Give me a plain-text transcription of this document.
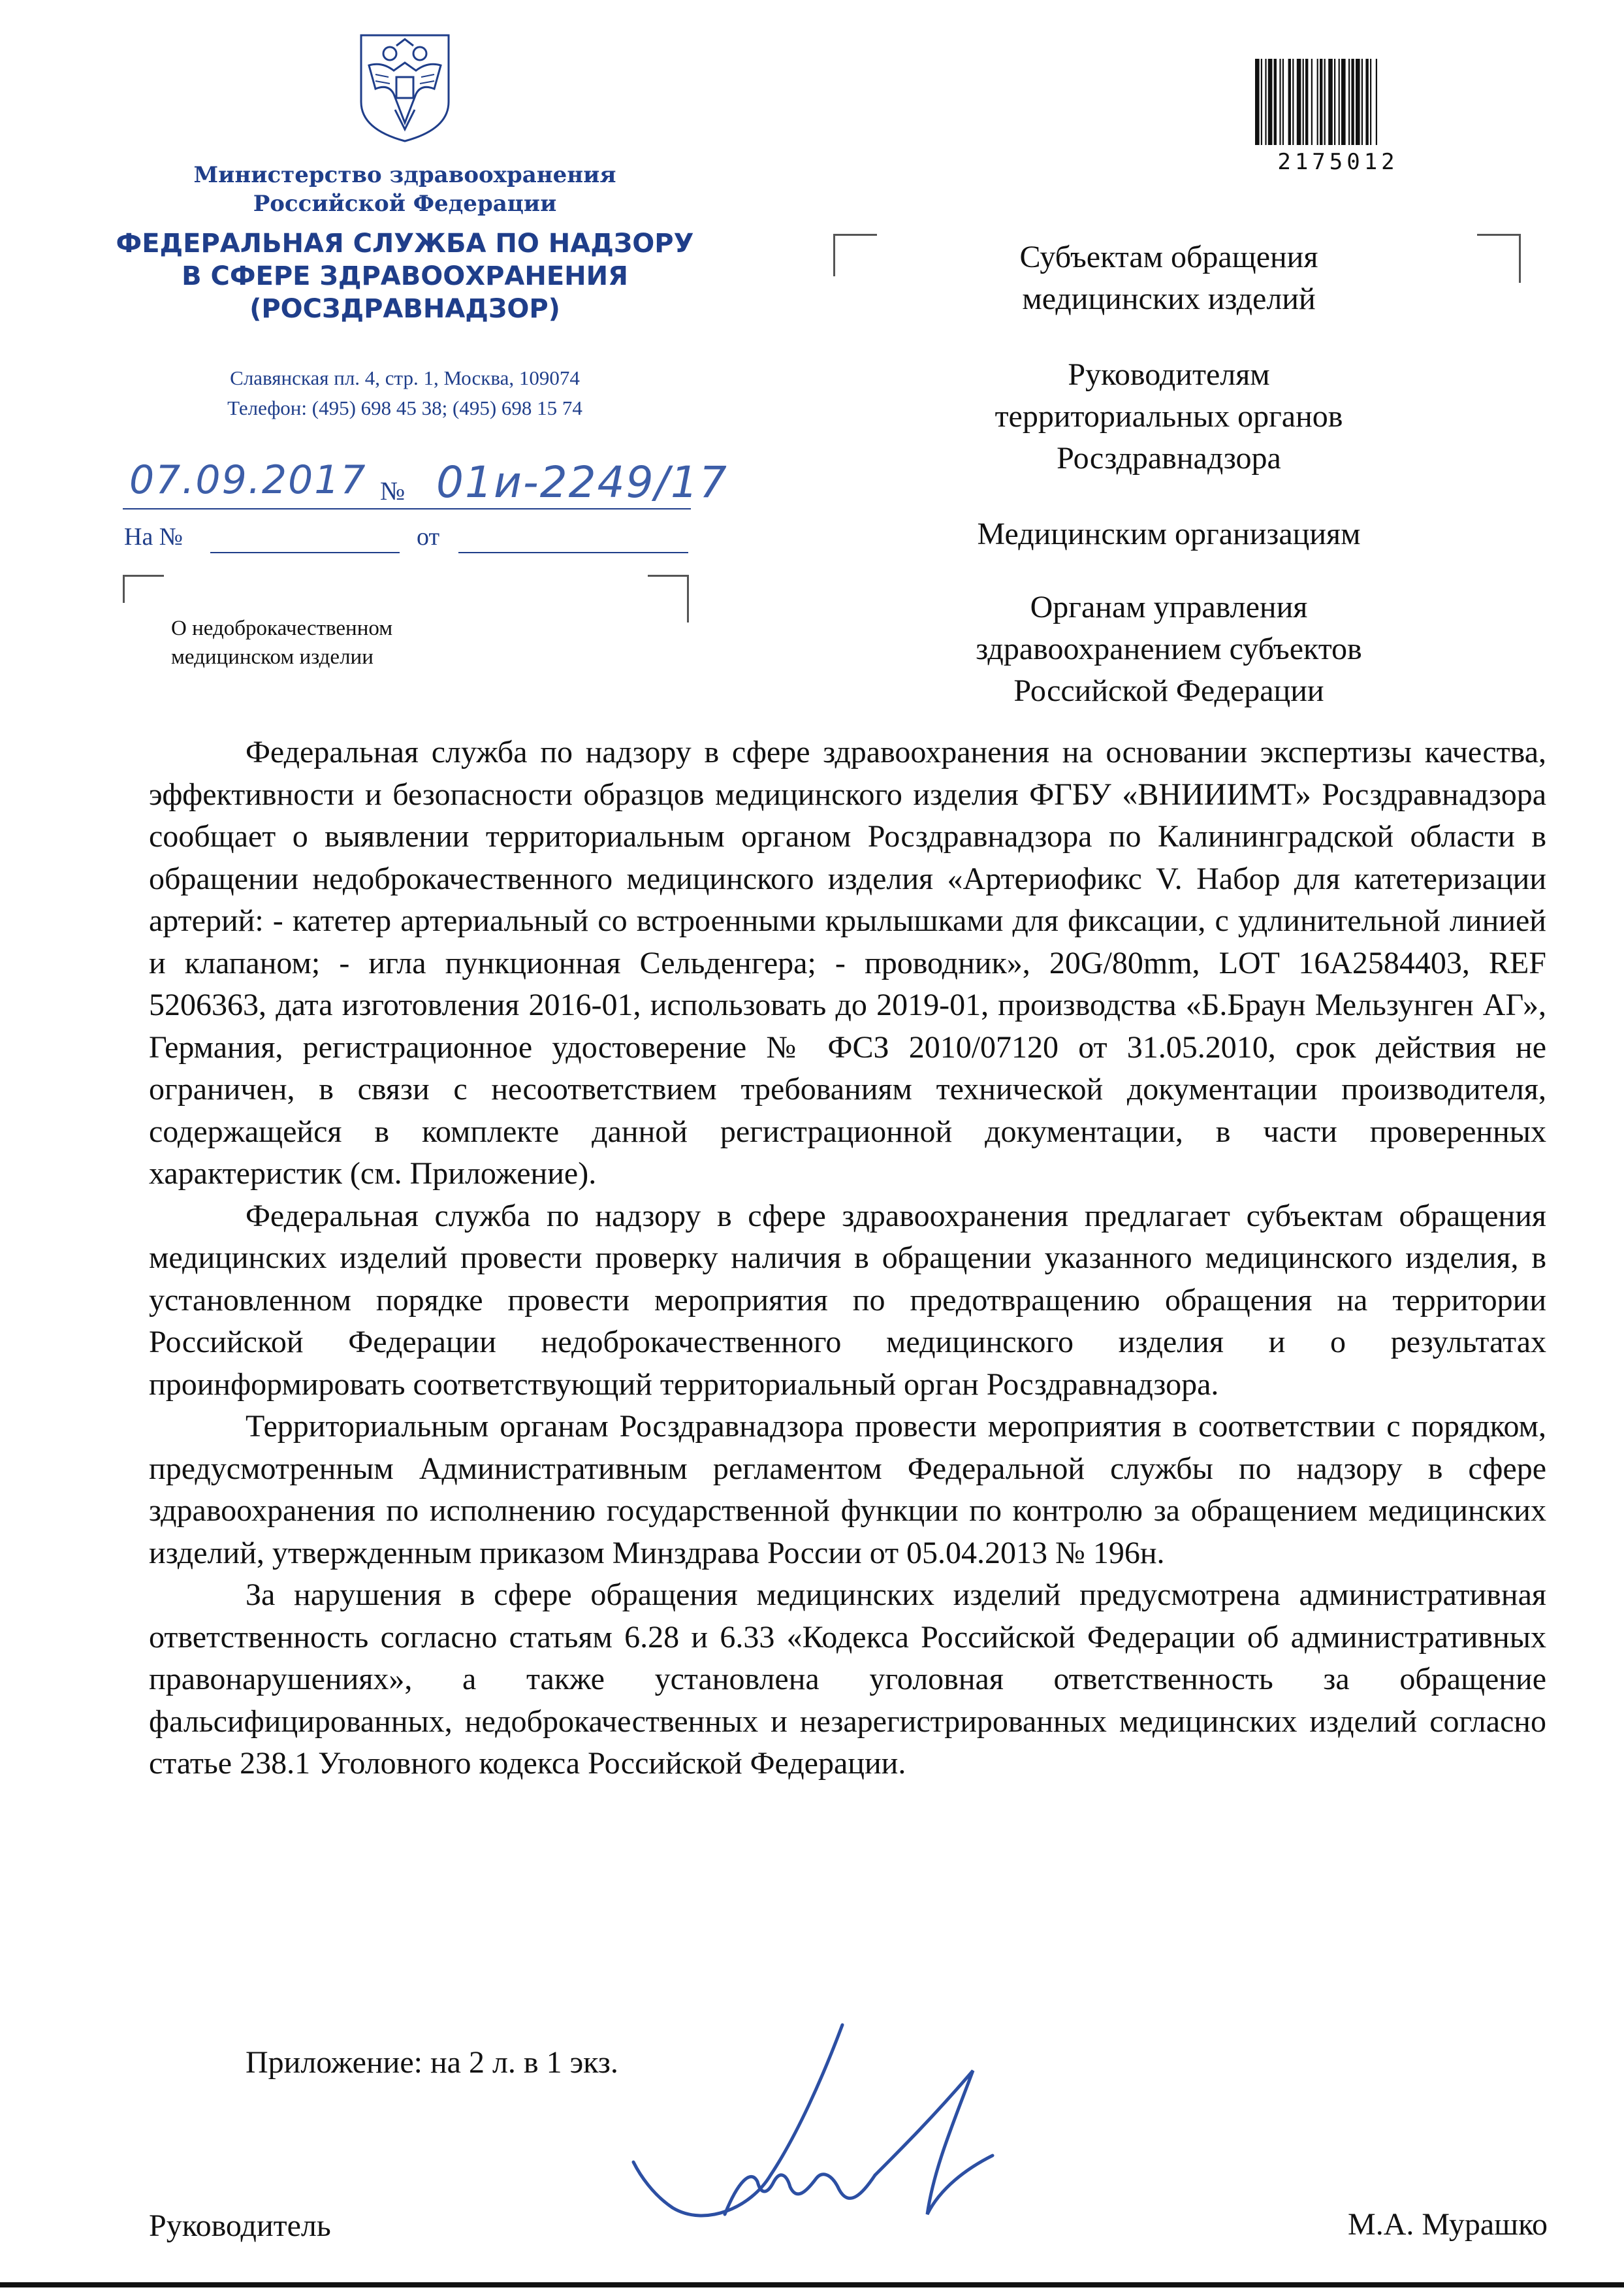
Министерство здравоохранения
Российской Федерации
ФЕДЕРАЛЬНАЯ СЛУЖБА ПО НАДЗОРУ
В СФЕРЕ ЗДРАВООХРАНЕНИЯ
(РОСЗДРАВНАДЗОР)
Славянская пл. 4, стр. 1, Москва, 109074
Телефон: (495) 698 45 38; (495) 698 15 74
07.09.2017 № 01и-2249/17
На №	от
О недоброкачественном
медицинском изделии
2175012
Субъектам обращения
медицинских изделий
Руководителям
территориальных органов
Росздравнадзора
Медицинским организациям
Органам управления
здравоохранением субъектов
Российской Федерации

Федеральная служба по надзору в сфере здравоохранения на основании экспертизы качества, эффективности и безопасности образцов медицинского изделия ФГБУ «ВНИИИМТ» Росздравнадзора сообщает о выявлении территориальным органом Росздравнадзора по Калининградской области в обращении недоброкачественного медицинского изделия «Артериофикс V. Набор для катетеризации артерий: - катетер артериальный со встроенными крылышками для фиксации, с удлинительной линией и клапаном; - игла пункционная Сельденгера; - проводник», 20G/80mm, LOT 16A2584403, REF 5206363, дата изготовления 2016-01, использовать до 2019-01, производства «Б.Браун Мельзунген АГ», Германия, регистрационное удостоверение № ФСЗ 2010/07120 от 31.05.2010, срок действия не ограничен, в связи с несоответствием требованиям технической документации производителя, содержащейся в комплекте данной регистрационной документации, в части проверенных характеристик (см. Приложение).

Федеральная служба по надзору в сфере здравоохранения предлагает субъектам обращения медицинских изделий провести проверку наличия в обращении указанного медицинского изделия, в установленном порядке провести мероприятия по предотвращению обращения на территории Российской Федерации недоброкачественного медицинского изделия и о результатах проинформировать соответствующий территориальный орган Росздравнадзора.

Территориальным органам Росздравнадзора провести мероприятия в соответствии с порядком, предусмотренным Административным регламентом Федеральной службы по надзору в сфере здравоохранения по исполнению государственной функции по контролю за обращением медицинских изделий, утвержденным приказом Минздрава России от 05.04.2013 № 196н.

За нарушения в сфере обращения медицинских изделий предусмотрена административная ответственность согласно статьям 6.28 и 6.33 «Кодекса Российской Федерации об административных правонарушениях», а также установлена уголовная ответственность за обращение фальсифицированных, недоброкачественных и незарегистрированных медицинских изделий согласно статье 238.1 Уголовного кодекса Российской Федерации.

Приложение: на 2 л. в 1 экз.
Руководитель	М.А. Мурашко
